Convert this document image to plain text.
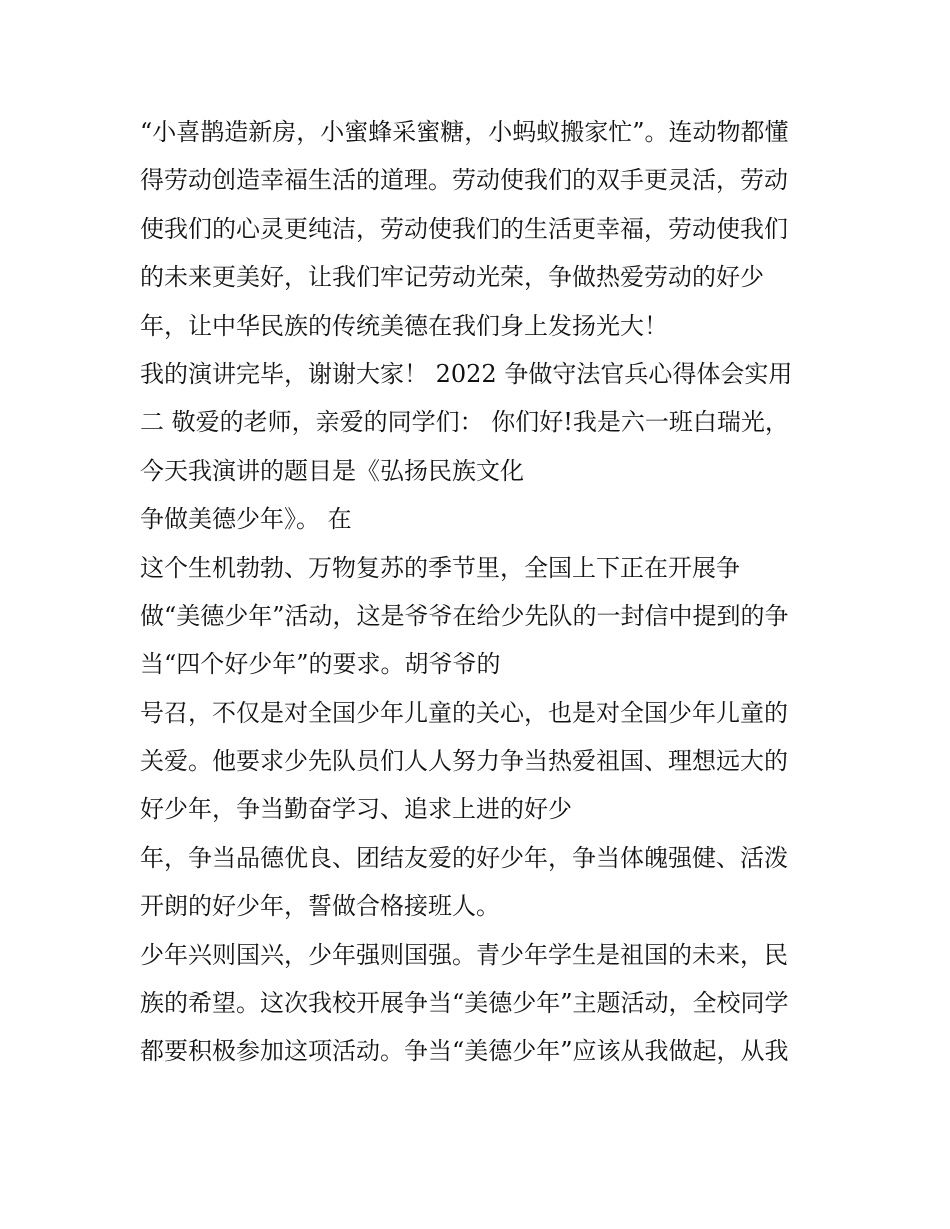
“小喜鹊造新房，小蜜蜂采蜜糖，小蚂蚁搬家忙”。连动物都懂
得劳动创造幸福生活的道理。劳动使我们的双手更灵活，劳动
使我们的心灵更纯洁，劳动使我们的生活更幸福，劳动使我们
的未来更美好，让我们牢记劳动光荣，争做热爱劳动的好少
年，让中华民族的传统美德在我们身上发扬光大！
我的演讲完毕，谢谢大家！ 2022 争做守法官兵心得体会实用
二 敬爱的老师，亲爱的同学们： 你们好!我是六一班白瑞光，
今天我演讲的题目是《弘扬民族文化
争做美德少年》。 在
这个生机勃勃、万物复苏的季节里，全国上下正在开展争
做“美德少年”活动，这是爷爷在给少先队的一封信中提到的争
当“四个好少年”的要求。胡爷爷的
号召，不仅是对全国少年儿童的关心，也是对全国少年儿童的
关爱。他要求少先队员们人人努力争当热爱祖国、理想远大的
好少年，争当勤奋学习、追求上进的好少
年，争当品德优良、团结友爱的好少年，争当体魄强健、活泼
开朗的好少年，誓做合格接班人。
少年兴则国兴，少年强则国强。青少年学生是祖国的未来，民
族的希望。这次我校开展争当“美德少年”主题活动，全校同学
都要积极参加这项活动。争当“美德少年”应该从我做起，从我
